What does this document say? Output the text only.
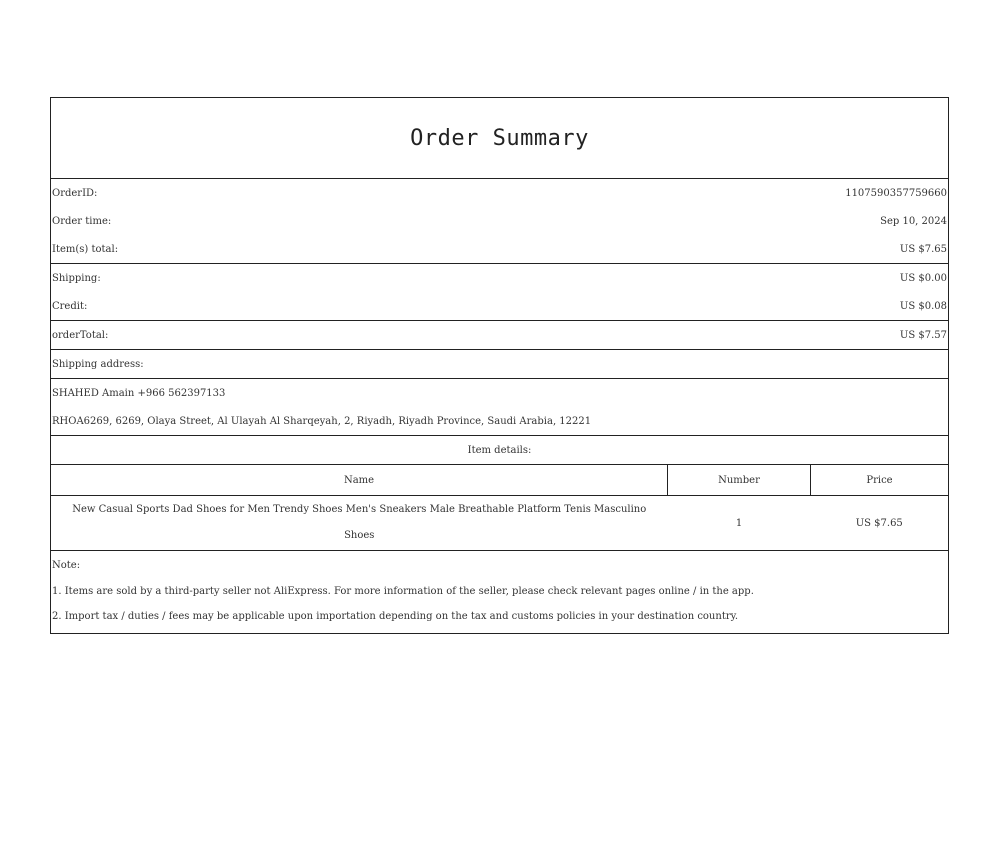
Order Summary
OrderID:	1107590357759660
Order time:	Sep 10, 2024
Item(s) total:	US $7.65
Shipping:	US $0.00
Credit:	US $0.08
orderTotal:	US $7.57
Shipping address:
SHAHED Amain +966 562397133
RHOA6269, 6269, Olaya Street, Al Ulayah Al Sharqeyah, 2, Riyadh, Riyadh Province, Saudi Arabia, 12221
Item details:
Name	Number	Price
New Casual Sports Dad Shoes for Men Trendy Shoes Men's Sneakers Male Breathable Platform Tenis Masculino Shoes	1	US $7.65
Note:
1. Items are sold by a third-party seller not AliExpress. For more information of the seller, please check relevant pages online / in the app.
2. Import tax / duties / fees may be applicable upon importation depending on the tax and customs policies in your destination country.
